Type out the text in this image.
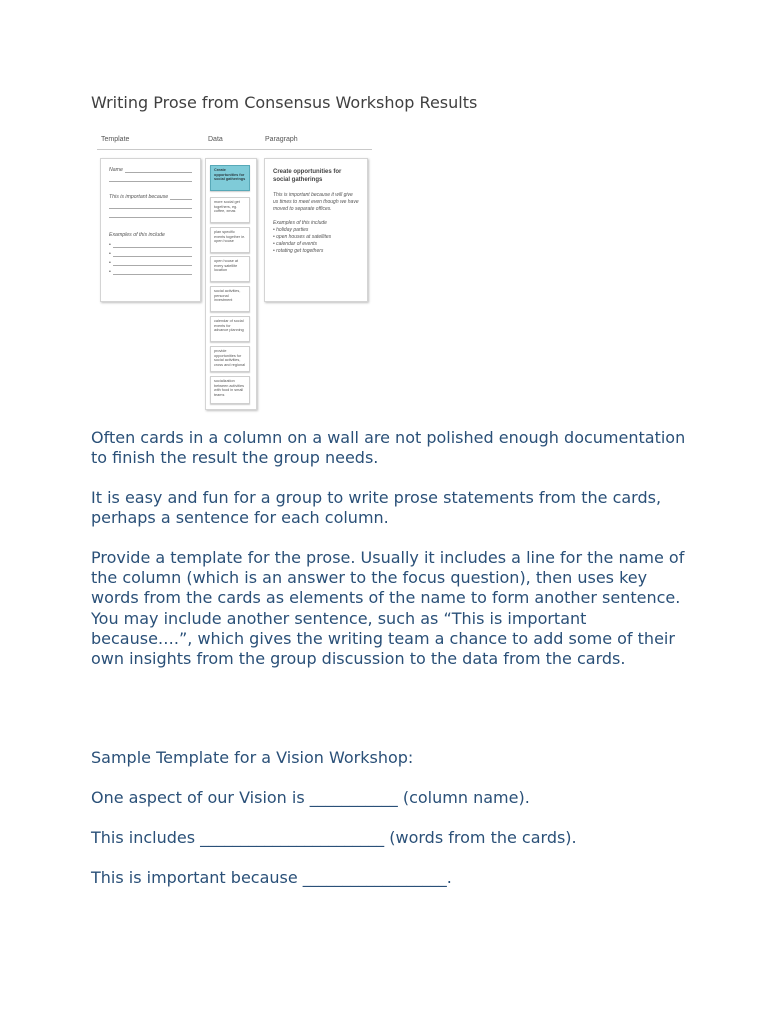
Writing Prose from Consensus Workshop Results
Template	Data	Paragraph
Name
This is important because
Examples of this include
•
•
•
•
Create opportunities for social gatherings
more social get togethers, eg. coffee, xmas
plan specific events together ie. open house
open house at every satellite location
social activities, personal investment
calendar of social events for advance planning
provide opportunities for social activities, cross and regional
socialization between activities with food in small teams
Create opportunities for social gatherings
This is important because it will give us times to meet even though we have moved to separate offices.
Examples of this include
• holiday parties
• open houses at satellites
• calendar of events
• rotating get togethers

Often cards in a column on a wall are not polished enough documentation to finish the result the group needs.

It is easy and fun for a group to write prose statements from the cards, perhaps a sentence for each column.

Provide a template for the prose. Usually it includes a line for the name of the column (which is an answer to the focus question), then uses key words from the cards as elements of the name to form another sentence. You may include another sentence, such as “This is important because….”, which gives the writing team a chance to add some of their own insights from the group discussion to the data from the cards.

Sample Template for a Vision Workshop:

One aspect of our Vision is ___________ (column name).

This includes _______________________ (words from the cards).

This is important because __________________.
